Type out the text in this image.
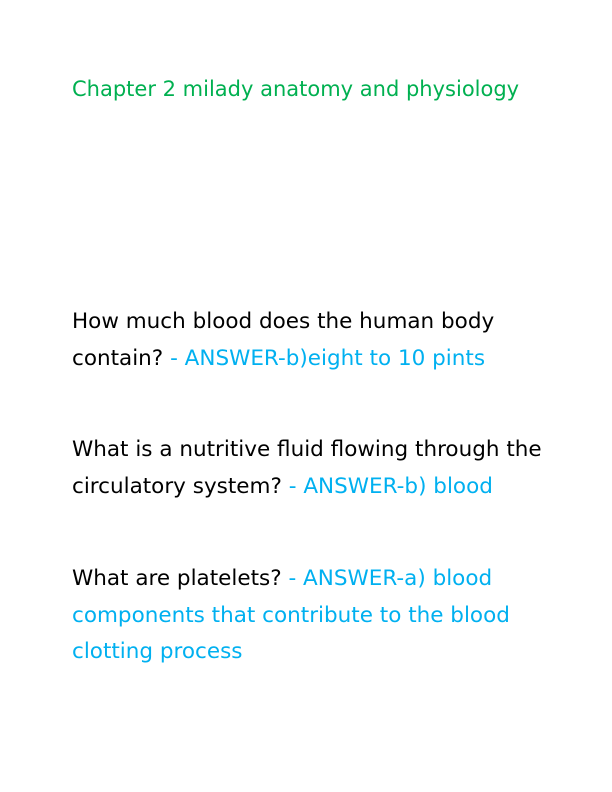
Chapter 2 milady anatomy and physiology
How much blood does the human body contain? - ANSWER-b)eight to 10 pints
What is a nutritive fluid flowing through the circulatory system? - ANSWER-b) blood
What are platelets? - ANSWER-a) blood components that contribute to the blood clotting process
